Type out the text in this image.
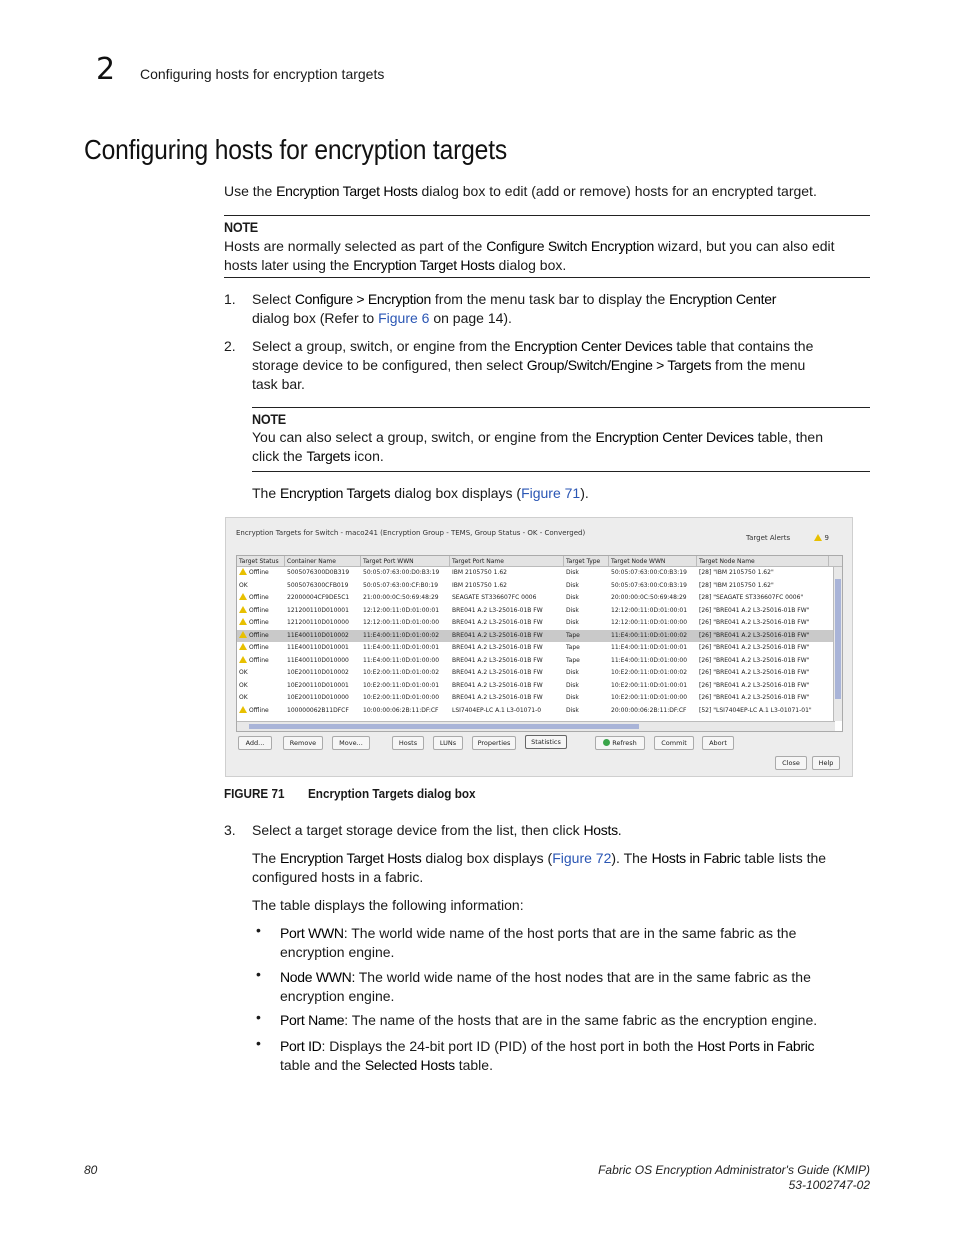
2 Configuring hosts for encryption targets
Configuring hosts for encryption targets
Use the Encryption Target Hosts dialog box to edit (add or remove) hosts for an encrypted target.
NOTE
Hosts are normally selected as part of the Configure Switch Encryption wizard, but you can also edit
hosts later using the Encryption Target Hosts dialog box.
1. Select Configure > Encryption from the menu task bar to display the Encryption Center
dialog box (Refer to Figure 6 on page 14).
2. Select a group, switch, or engine from the Encryption Center Devices table that contains the
storage device to be configured, then select Group/Switch/Engine > Targets from the menu
task bar.
NOTE
You can also select a group, switch, or engine from the Encryption Center Devices table, then
click the Targets icon.
The Encryption Targets dialog box displays (Figure 71).
Encryption Targets for Switch - maco241 (Encryption Group - TEMS, Group Status - OK - Converged)
Target Alerts	9
Target Status	Container Name	Target Port WWN	Target Port Name	Target Type	Target Node WWN	Target Node Name
Offline	5005076300D0B319	50:05:07:63:00:D0:B3:19	IBM 2105750 1.62	Disk	50:05:07:63:00:C0:B3:19	[28] "IBM 2105750 1.62"
OK	5005076300CFB019	50:05:07:63:00:CF:B0:19	IBM 2105750 1.62	Disk	50:05:07:63:00:C0:B3:19	[28] "IBM 2105750 1.62"
Offline	22000004CF9DE5C1	21:00:00:0C:50:69:48:29	SEAGATE ST336607FC 0006	Disk	20:00:00:0C:50:69:48:29	[28] "SEAGATE ST336607FC 0006"
Offline	121200110D010001	12:12:00:11:0D:01:00:01	BRE041 A.2 L3-25016-01B FW	Disk	12:12:00:11:0D:01:00:01	[26] "BRE041 A.2 L3-25016-01B FW"
Offline	121200110D010000	12:12:00:11:0D:01:00:00	BRE041 A.2 L3-25016-01B FW	Disk	12:12:00:11:0D:01:00:00	[26] "BRE041 A.2 L3-25016-01B FW"
Offline	11E400110D010002	11:E4:00:11:0D:01:00:02	BRE041 A.2 L3-25016-01B FW	Tape	11:E4:00:11:0D:01:00:02	[26] "BRE041 A.2 L3-25016-01B FW"
Offline	11E400110D010001	11:E4:00:11:0D:01:00:01	BRE041 A.2 L3-25016-01B FW	Tape	11:E4:00:11:0D:01:00:01	[26] "BRE041 A.2 L3-25016-01B FW"
Offline	11E400110D010000	11:E4:00:11:0D:01:00:00	BRE041 A.2 L3-25016-01B FW	Tape	11:E4:00:11:0D:01:00:00	[26] "BRE041 A.2 L3-25016-01B FW"
OK	10E200110D010002	10:E2:00:11:0D:01:00:02	BRE041 A.2 L3-25016-01B FW	Disk	10:E2:00:11:0D:01:00:02	[26] "BRE041 A.2 L3-25016-01B FW"
OK	10E200110D010001	10:E2:00:11:0D:01:00:01	BRE041 A.2 L3-25016-01B FW	Disk	10:E2:00:11:0D:01:00:01	[26] "BRE041 A.2 L3-25016-01B FW"
OK	10E200110D010000	10:E2:00:11:0D:01:00:00	BRE041 A.2 L3-25016-01B FW	Disk	10:E2:00:11:0D:01:00:00	[26] "BRE041 A.2 L3-25016-01B FW"
Offline	100000062B11DFCF	10:00:00:06:2B:11:DF:CF	LSI7404EP-LC A.1 L3-01071-0	Disk	20:00:00:06:2B:11:DF:CF	[52] "LSI7404EP-LC A.1 L3-01071-01"
Add...	Remove	Move...	Hosts	LUNs	Properties	Statistics	Refresh	Commit	Abort
Close	Help
FIGURE 71 Encryption Targets dialog box
3. Select a target storage device from the list, then click Hosts.
The Encryption Target Hosts dialog box displays (Figure 72). The Hosts in Fabric table lists the
configured hosts in a fabric.
The table displays the following information:
• Port WWN: The world wide name of the host ports that are in the same fabric as the
encryption engine.
• Node WWN: The world wide name of the host nodes that are in the same fabric as the
encryption engine.
• Port Name: The name of the hosts that are in the same fabric as the encryption engine.
• Port ID: Displays the 24-bit port ID (PID) of the host port in both the Host Ports in Fabric
table and the Selected Hosts table.
80	Fabric OS Encryption Administrator's Guide (KMIP)
53-1002747-02
